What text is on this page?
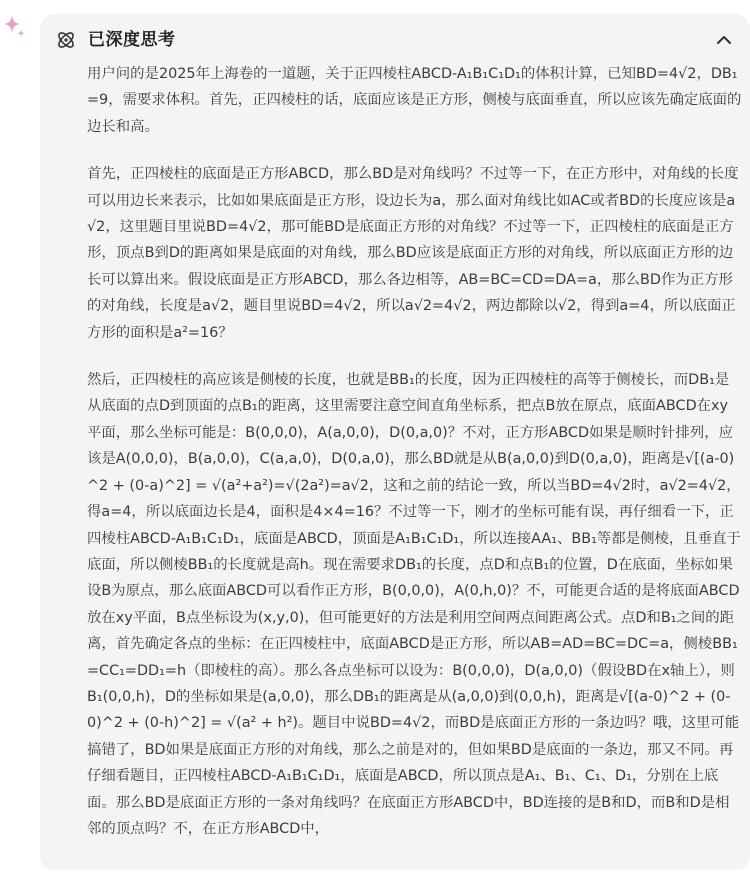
已深度思考

用户问的是2025年上海卷的一道题，关于正四棱柱ABCD-A₁B₁C₁D₁的体积计算，已知BD=4√2，DB₁=9，需要求体积。首先，正四棱柱的话，底面应该是正方形，侧棱与底面垂直，所以应该先确定底面的边长和高。

首先，正四棱柱的底面是正方形ABCD，那么BD是对角线吗？不过等一下，在正方形中，对角线的长度可以用边长来表示，比如如果底面是正方形，设边长为a，那么面对角线比如AC或者BD的长度应该是a√2，这里题目里说BD=4√2，那可能BD是底面正方形的对角线？不过等一下，正四棱柱的底面是正方形，顶点B到D的距离如果是底面的对角线，那么BD应该是底面正方形的对角线，所以底面正方形的边长可以算出来。假设底面是正方形ABCD，那么各边相等，AB=BC=CD=DA=a，那么BD作为正方形的对角线，长度是a√2，题目里说BD=4√2，所以a√2=4√2，两边都除以√2，得到a=4，所以底面正方形的面积是a²=16？

然后，正四棱柱的高应该是侧棱的长度，也就是BB₁的长度，因为正四棱柱的高等于侧棱长，而DB₁是从底面的点D到顶面的点B₁的距离，这里需要注意空间直角坐标系，把点B放在原点，底面ABCD在xy平面，那么坐标可能是：B(0,0,0)，A(a,0,0)，D(0,a,0)？不对，正方形ABCD如果是顺时针排列，应该是A(0,0,0)，B(a,0,0)，C(a,a,0)，D(0,a,0)，那么BD就是从B(a,0,0)到D(0,a,0)，距离是√[(a-0)^2 + (0-a)^2] = √(a²+a²)=√(2a²)=a√2，这和之前的结论一致，所以当BD=4√2时，a√2=4√2，得a=4，所以底面边长是4，面积是4×4=16？不过等一下，刚才的坐标可能有误，再仔细看一下，正四棱柱ABCD-A₁B₁C₁D₁，底面是ABCD，顶面是A₁B₁C₁D₁，所以连接AA₁、BB₁等都是侧棱，且垂直于底面，所以侧棱BB₁的长度就是高h。现在需要求DB₁的长度，点D和点B₁的位置，D在底面，坐标如果设B为原点，那么底面ABCD可以看作正方形，B(0,0,0)，A(0,h,0)？不，可能更合适的是将底面ABCD放在xy平面，B点坐标设为(x,y,0)，但可能更好的方法是利用空间两点间距离公式。点D和B₁之间的距离，首先确定各点的坐标：在正四棱柱中，底面ABCD是正方形，所以AB=AD=BC=DC=a，侧棱BB₁=CC₁=DD₁=h（即棱柱的高）。那么各点坐标可以设为：B(0,0,0)，D(a,0,0)（假设BD在x轴上），则B₁(0,0,h)，D的坐标如果是(a,0,0)，那么DB₁的距离是从(a,0,0)到(0,0,h)，距离是√[(a-0)^2 + (0-0)^2 + (0-h)^2] = √(a² + h²)。题目中说BD=4√2，而BD是底面正方形的一条边吗？哦，这里可能搞错了，BD如果是底面正方形的对角线，那么之前是对的，但如果BD是底面的一条边，那又不同。再仔细看题目，正四棱柱ABCD-A₁B₁C₁D₁，底面是ABCD，所以顶点是A₁、B₁、C₁、D₁，分别在上底面。那么BD是底面正方形的一条对角线吗？在底面正方形ABCD中，BD连接的是B和D，而B和D是相邻的顶点吗？不，在正方形ABCD中，
